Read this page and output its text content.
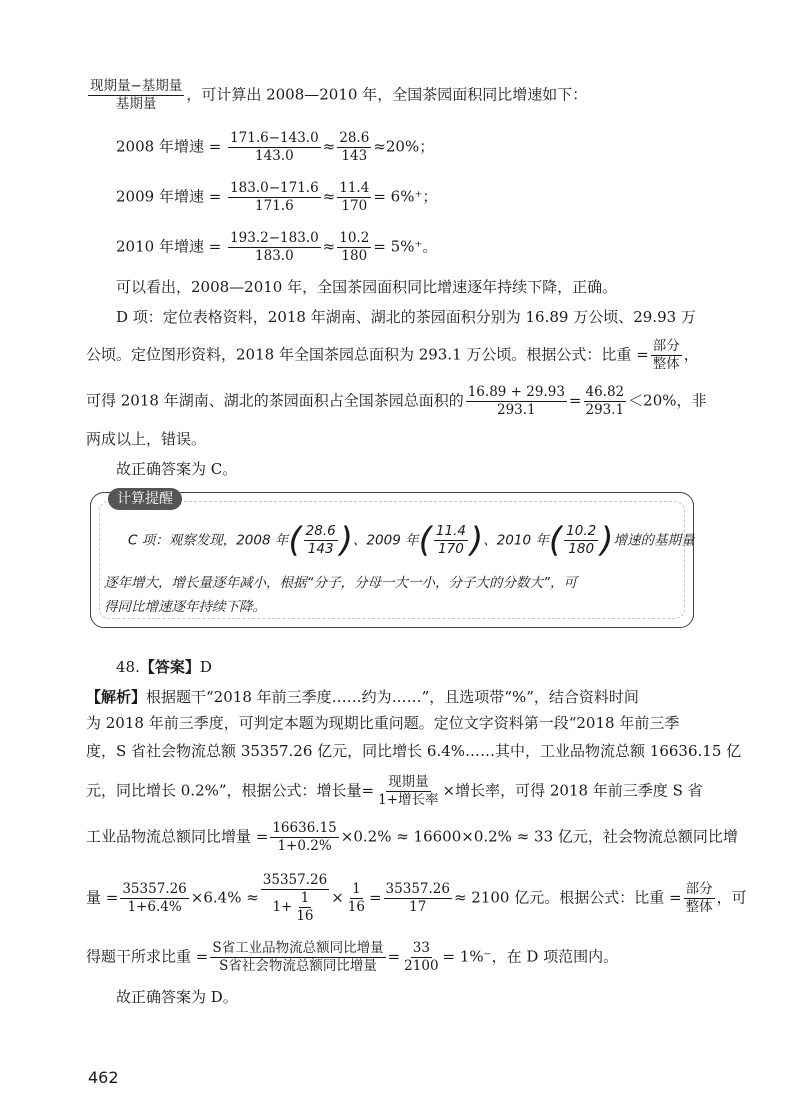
$\frac{\text{现期量−基期量}}{\text{基期量}}$ ，可计算出 2008—2010 年，全国茶园面积同比增速如下：
2008 年增速 = $\frac{171.6-143.0}{143.0} \approx \frac{28.6}{143} \approx 20\%$；
2009 年增速 = $\frac{183.0-171.6}{171.6} \approx \frac{11.4}{170} = 6\%^+$；
2010 年增速 = $\frac{193.2-183.0}{183.0} \approx \frac{10.2}{180} = 5\%^+$。
可以看出，2008—2010 年，全国茶园面积同比增速逐年持续下降，正确。
D 项：定位表格资料，2018 年湖南、湖北的茶园面积分别为 16.89 万公顷、29.93 万
公顷。定位图形资料，2018 年全国茶园总面积为 293.1 万公顷。根据公式：比重 = $\frac{\text{部分}}{\text{整体}}$ ，
可得 2018 年湖南、湖北的茶园面积占全国茶园总面积的 $\frac{16.89 + 29.93}{293.1} = \frac{46.82}{293.1} <20\%$，非
两成以上，错误。
故正确答案为 C。
计算提醒
C 项：观察发现，2008 年( $\frac{28.6}{143}$ )、2009 年( $\frac{11.4}{170}$ )、2010 年( $\frac{10.2}{180}$ )增速的基期量
逐年增大，增长量逐年减小，根据“分子，分母一大一小，分子大的分数大”，可
得同比增速逐年持续下降。
48.【答案】D
【解析】根据题干“2018 年前三季度……约为……”，且选项带“%”，结合资料时间
为 2018 年前三季度，可判定本题为现期比重问题。定位文字资料第一段“2018 年前三季
度，S 省社会物流总额 35357.26 亿元，同比增长 6.4%……其中，工业品物流总额 16636.15 亿
元，同比增长 0.2%”，根据公式：增长量= $\frac{\text{现期量}}{\text{1+增长率}}$ ×增长率，可得 2018 年前三季度 S 省
工业品物流总额同比增量 = $\frac{16636.15}{1+0.2\%} \times 0.2\% \approx 16600\times 0.2\% \approx 33$ 亿元，社会物流总额同比增
量 = $\frac{35357.26}{1+6.4\%} \times 6.4\% \approx \frac{35357.26}{1+ \frac{1}{16}} \times \frac{1}{16} = \frac{35357.26}{17} \approx 2100$ 亿元。根据公式：比重 = $\frac{\text{部分}}{\text{整体}}$ ，可
得题干所求比重 = $\frac{\text{S省工业品物流总额同比增量}}{\text{S省社会物流总额同比增量}} = \frac{33}{2100} = 1\%^-$，在 D 项范围内。
故正确答案为 D。
462
